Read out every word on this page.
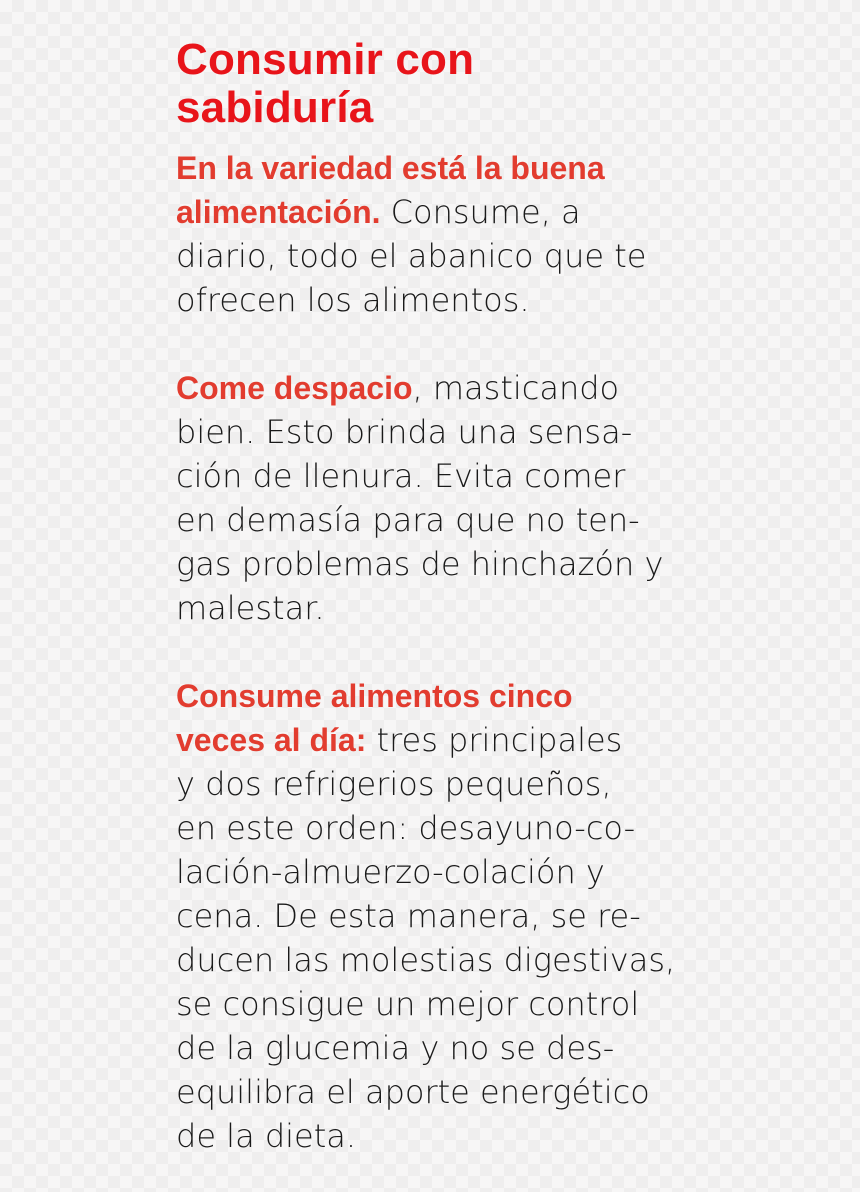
Consumir con
sabiduría

En la variedad está la buena
alimentación. Consume, a
diario, todo el abanico que te
ofrecen los alimentos.

Come despacio, masticando
bien. Esto brinda una sensa-
ción de llenura. Evita comer
en demasía para que no ten-
gas problemas de hinchazón y
malestar.

Consume alimentos cinco
veces al día: tres principales
y dos refrigerios pequeños,
en este orden: desayuno-co-
lación-almuerzo-colación y
cena. De esta manera, se re-
ducen las molestias digestivas,
se consigue un mejor control
de la glucemia y no se des-
equilibra el aporte energético
de la dieta.
